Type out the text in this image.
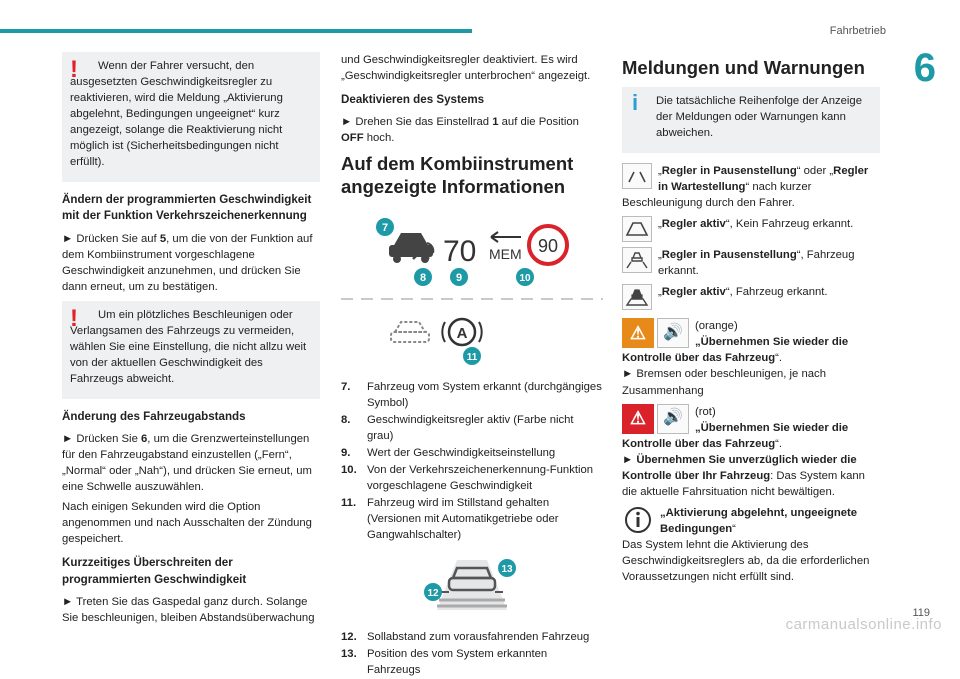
Fahrbetrieb
6
carmanualsonline.info
119
!	Wenn der Fahrer versucht, den ausgesetzten Geschwindigkeitsregler zu reaktivieren, wird die Meldung „Aktivierung abgelehnt, Bedingungen ungeeignet“ kurz angezeigt, solange die Reaktivierung nicht möglich ist (Sicherheitsbedingungen nicht erfüllt).

Ändern der programmierten Geschwindigkeit mit der Funktion Verkehrszeichenerkennung

► Drücken Sie auf 5, um die von der Funktion auf dem Kombiinstrument vorgeschlagene Geschwindigkeit anzunehmen, und drücken Sie dann erneut, um zu bestätigen.

!	Um ein plötzliches Beschleunigen oder Verlangsamen des Fahrzeugs zu vermeiden, wählen Sie eine Einstellung, die nicht allzu weit von der aktuellen Geschwindigkeit des Fahrzeugs abweicht.

Änderung des Fahrzeugabstands

► Drücken Sie 6, um die Grenzwerteinstellungen für den Fahrzeugabstand einzustellen („Fern“, „Normal“ oder „Nah“), und drücken Sie erneut, um eine Schwelle auszuwählen.

Nach einigen Sekunden wird die Option angenommen und nach Ausschalten der Zündung gespeichert.

Kurzzeitiges Überschreiten der programmierten Geschwindigkeit

► Treten Sie das Gaspedal ganz durch. Solange Sie beschleunigen, bleiben Abstandsüberwachung

und Geschwindigkeitsregler deaktiviert. Es wird „Geschwindigkeitsregler unterbrochen“ angezeigt.

Deaktivieren des Systems

► Drehen Sie das Einstellrad 1 auf die Position OFF hoch.

Auf dem Kombiinstrument angezeigte Informationen
70 MEM 90
7
8	9	10

A
11
7.	Fahrzeug vom System erkannt (durchgängiges Symbol)
8.	Geschwindigkeitsregler aktiv (Farbe nicht grau)
9.	Wert der Geschwindigkeitseinstellung
10. Von der Verkehrszeichenerkennung-Funktion vorgeschlagene Geschwindigkeit
11. Fahrzeug wird im Stillstand gehalten (Versionen mit Automatikgetriebe oder Gangwahlschalter)
13
12
12. Sollabstand zum vorausfahrenden Fahrzeug
13. Position des vom System erkannten Fahrzeugs
Meldungen und Warnungen
i	Die tatsächliche Reihenfolge der Anzeige der Meldungen oder Warnungen kann abweichen.

„Regler in Pausenstellung“ oder „Regler in Wartestellung“ nach kurzer Beschleunigung durch den Fahrer.
„Regler aktiv“, Kein Fahrzeug erkannt.
„Regler in Pausenstellung“, Fahrzeug erkannt.
„Regler aktiv“, Fahrzeug erkannt.
⚠	🔊	(orange)
„Übernehmen Sie wieder die Kontrolle über das Fahrzeug“.
► Bremsen oder beschleunigen, je nach Zusammenhang
⚠	🔊	(rot)
„Übernehmen Sie wieder die Kontrolle über das Fahrzeug“.
► Übernehmen Sie unverzüglich wieder die Kontrolle über Ihr Fahrzeug: Das System kann die aktuelle Fahrsituation nicht bewältigen.
„Aktivierung abgelehnt, ungeeignete Bedingungen“
Das System lehnt die Aktivierung des Geschwindigkeitsreglers ab, da die erforderlichen Voraussetzungen nicht erfüllt sind.
